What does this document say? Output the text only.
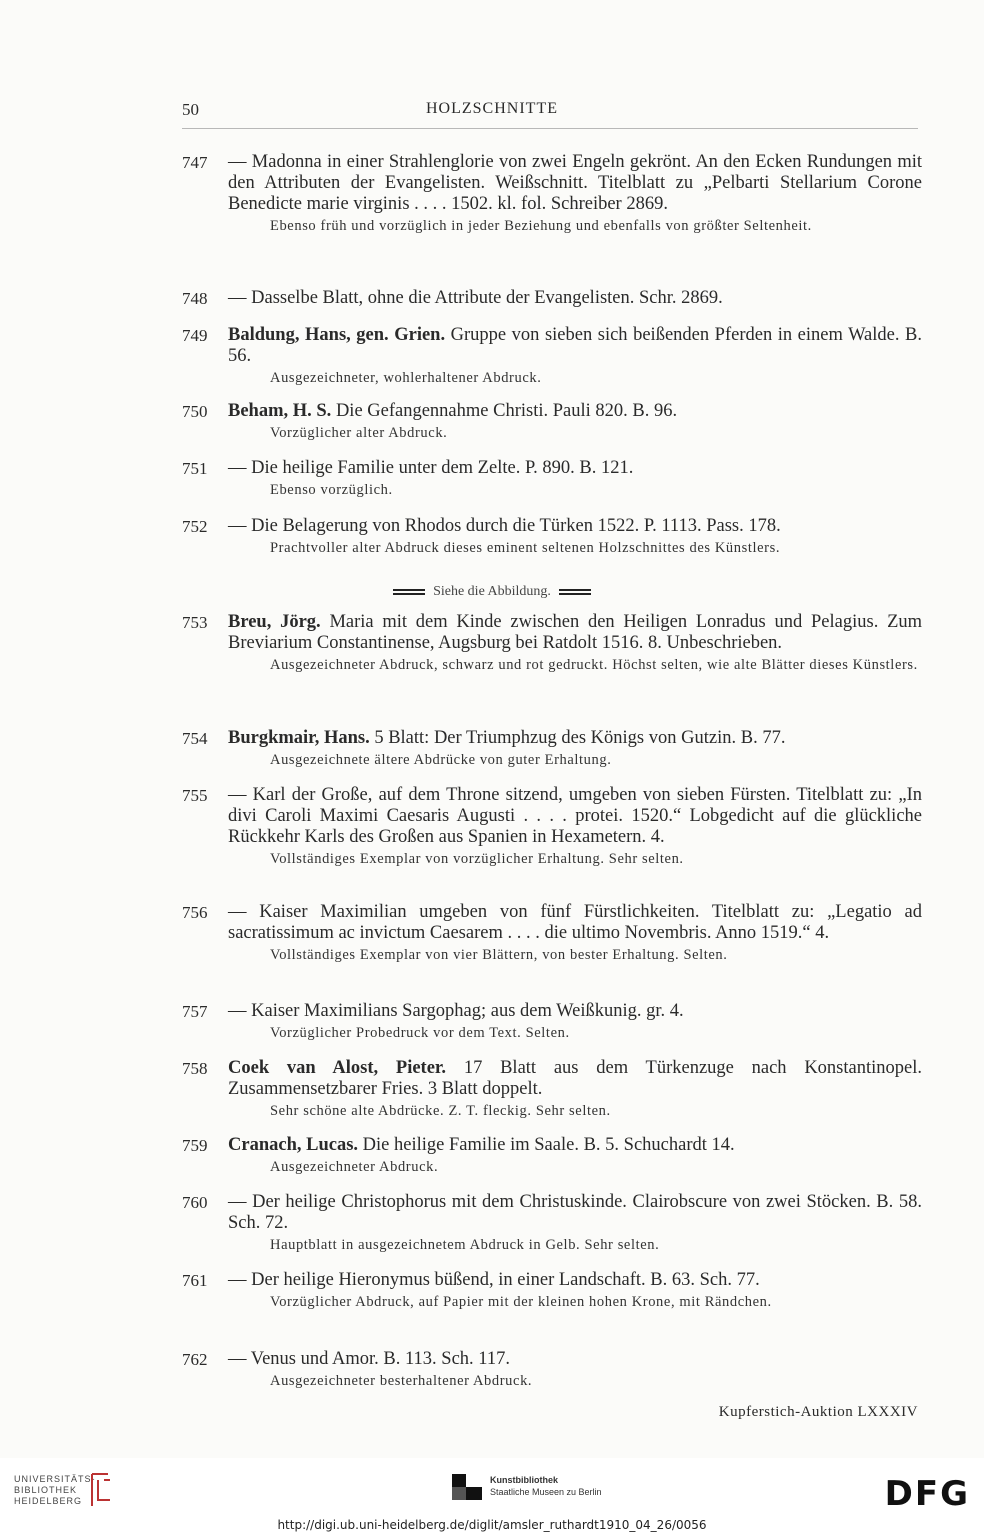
50	HOLZSCHNITTE
747	— Madonna in einer Strahlenglorie von zwei Engeln gekrönt. An den Ecken Rundungen mit den Attributen der Evangelisten. Weißschnitt. Titelblatt zu „Pelbarti Stellarium Corone Benedicte marie virginis . . . . 1502. kl. fol. Schreiber 2869.
Ebenso früh und vorzüglich in jeder Beziehung und ebenfalls von größter Seltenheit.
748	— Dasselbe Blatt, ohne die Attribute der Evangelisten. Schr. 2869.
749	Baldung, Hans, gen. Grien. Gruppe von sieben sich beißenden Pferden in einem Walde. B. 56.
Ausgezeichneter, wohlerhaltener Abdruck.
750	Beham, H. S. Die Gefangennahme Christi. Pauli 820. B. 96.
Vorzüglicher alter Abdruck.
751	— Die heilige Familie unter dem Zelte. P. 890. B. 121.
Ebenso vorzüglich.
752	— Die Belagerung von Rhodos durch die Türken 1522. P. 1113. Pass. 178.
Prachtvoller alter Abdruck dieses eminent seltenen Holzschnittes des Künstlers.
753	Breu, Jörg. Maria mit dem Kinde zwischen den Heiligen Lonradus und Pelagius. Zum Breviarium Constantinense, Augsburg bei Ratdolt 1516. 8. Unbeschrieben.
Ausgezeichneter Abdruck, schwarz und rot gedruckt. Höchst selten, wie alte Blätter dieses Künstlers.
754	Burgkmair, Hans. 5 Blatt: Der Triumphzug des Königs von Gutzin. B. 77.
Ausgezeichnete ältere Abdrücke von guter Erhaltung.
755	— Karl der Große, auf dem Throne sitzend, umgeben von sieben Fürsten. Titelblatt zu: „In divi Caroli Maximi Caesaris Augusti . . . . protei. 1520.“ Lobgedicht auf die glückliche Rückkehr Karls des Großen aus Spanien in Hexametern. 4.
Vollständiges Exemplar von vorzüglicher Erhaltung. Sehr selten.
756	— Kaiser Maximilian umgeben von fünf Fürstlichkeiten. Titelblatt zu: „Legatio ad sacratissimum ac invictum Caesarem . . . . die ultimo Novembris. Anno 1519.“ 4.
Vollständiges Exemplar von vier Blättern, von bester Erhaltung. Selten.
757	— Kaiser Maximilians Sargophag; aus dem Weißkunig. gr. 4.
Vorzüglicher Probedruck vor dem Text. Selten.
758	Coek van Alost, Pieter. 17 Blatt aus dem Türkenzuge nach Konstantinopel. Zusammensetzbarer Fries. 3 Blatt doppelt.
Sehr schöne alte Abdrücke. Z. T. fleckig. Sehr selten.
759	Cranach, Lucas. Die heilige Familie im Saale. B. 5. Schuchardt 14.
Ausgezeichneter Abdruck.
760	— Der heilige Christophorus mit dem Christuskinde. Clairobscure von zwei Stöcken. B. 58. Sch. 72.
Hauptblatt in ausgezeichnetem Abdruck in Gelb. Sehr selten.
761	— Der heilige Hieronymus büßend, in einer Landschaft. B. 63. Sch. 77.
Vorzüglicher Abdruck, auf Papier mit der kleinen hohen Krone, mit Rändchen.
762	— Venus und Amor. B. 113. Sch. 117.
Ausgezeichneter besterhaltener Abdruck.
Siehe die Abbildung.
Kupferstich-Auktion LXXXIV
UNIVERSITÄTS-
BIBLIOTHEK
HEIDELBERG
Kunstbibliothek
Staatliche Museen zu Berlin	DFG
http://digi.ub.uni-heidelberg.de/diglit/amsler_ruthardt1910_04_26/0056
